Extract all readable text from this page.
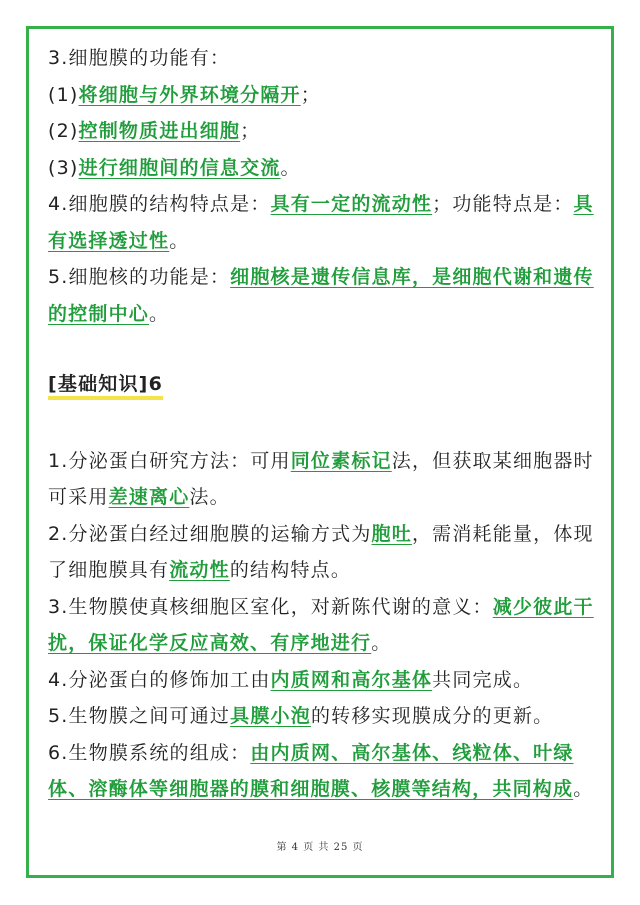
3.细胞膜的功能有：

(1)将细胞与外界环境分隔开；

(2)控制物质进出细胞；

(3)进行细胞间的信息交流。

4.细胞膜的结构特点是：具有一定的流动性；功能特点是：具有选择透过性。

5.细胞核的功能是：细胞核是遗传信息库，是细胞代谢和遗传的控制中心。

[基础知识]6

1.分泌蛋白研究方法：可用同位素标记法，但获取某细胞器时可采用差速离心法。

2.分泌蛋白经过细胞膜的运输方式为胞吐，需消耗能量，体现了细胞膜具有流动性的结构特点。

3.生物膜使真核细胞区室化，对新陈代谢的意义：减少彼此干扰，保证化学反应高效、有序地进行。

4.分泌蛋白的修饰加工由内质网和高尔基体共同完成。

5.生物膜之间可通过具膜小泡的转移实现膜成分的更新。

6.生物膜系统的组成：由内质网、高尔基体、线粒体、叶绿体、溶酶体等细胞器的膜和细胞膜、核膜等结构，共同构成。

第 4 页 共 25 页
